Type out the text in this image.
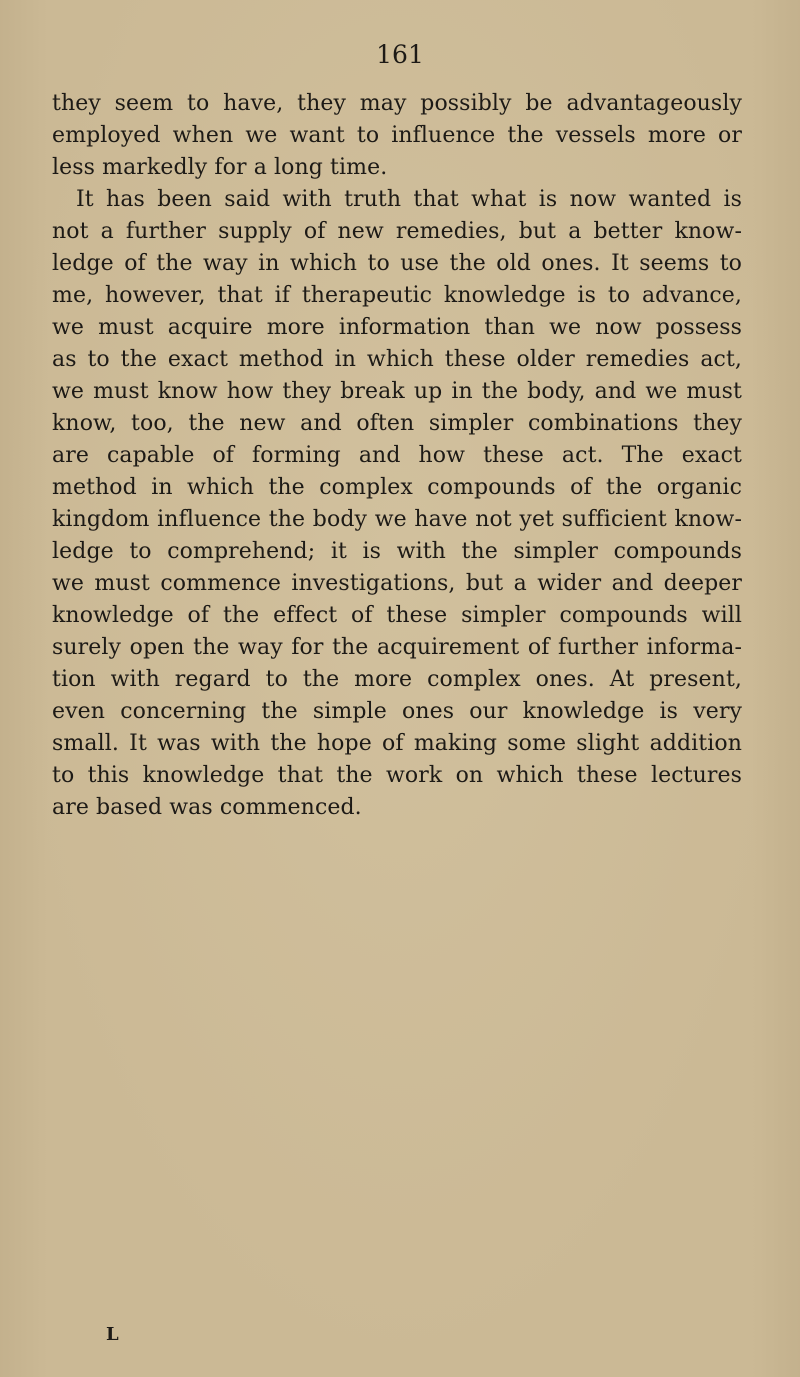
161
they seem to have, they may possibly be advantageously
employed when we want to influence the vessels more or
less markedly for a long time.
It has been said with truth that what is now wanted is
not a further supply of new remedies, but a better know-
ledge of the way in which to use the old ones. It seems to
me, however, that if therapeutic knowledge is to advance,
we must acquire more information than we now possess
as to the exact method in which these older remedies act,
we must know how they break up in the body, and we must
know, too, the new and often simpler combinations they
are capable of forming and how these act. The exact
method in which the complex compounds of the organic
kingdom influence the body we have not yet sufficient know-
ledge to comprehend; it is with the simpler compounds
we must commence investigations, but a wider and deeper
knowledge of the effect of these simpler compounds will
surely open the way for the acquirement of further informa-
tion with regard to the more complex ones. At present,
even concerning the simple ones our knowledge is very
small. It was with the hope of making some slight addition
to this knowledge that the work on which these lectures
are based was commenced.
L
